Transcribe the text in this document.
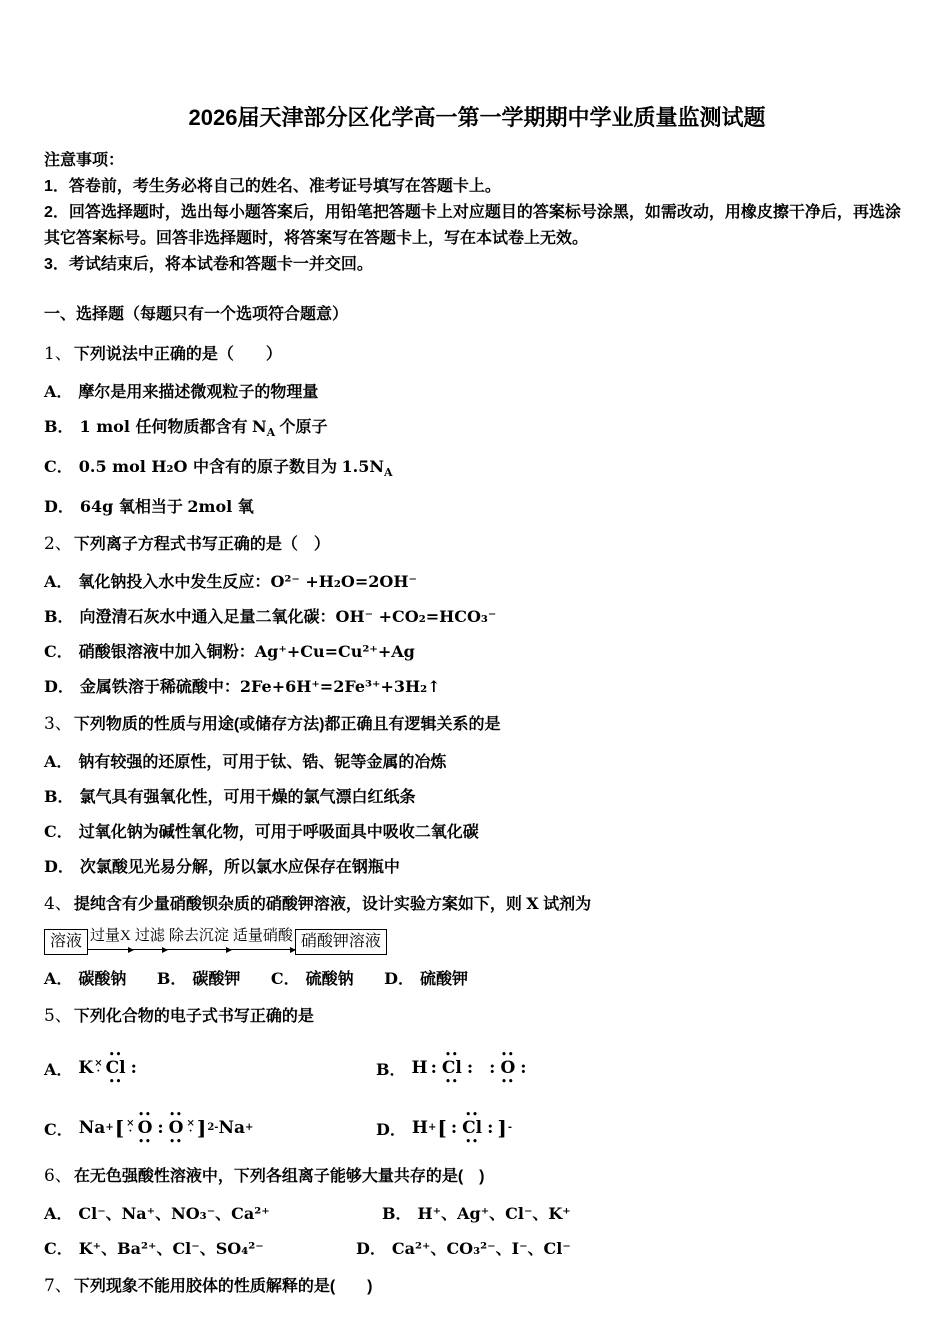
2026届天津部分区化学高一第一学期期中学业质量监测试题

注意事项：

1．答卷前，考生务必将自己的姓名、准考证号填写在答题卡上。

2．回答选择题时，选出每小题答案后，用铅笔把答题卡上对应题目的答案标号涂黑，如需改动，用橡皮擦干净后，再选涂其它答案标号。回答非选择题时，将答案写在答题卡上，写在本试卷上无效。

3．考试结束后，将本试卷和答题卡一并交回。

一、选择题（每题只有一个选项符合题意）
1、 下列说法中正确的是（　　）
A． 摩尔是用来描述微观粒子的物理量
B． 1 mol 任何物质都含有 $N_A$ 个原子
C． 0.5 mol H₂O 中含有的原子数目为 $1.5N_A$
D． 64g 氧相当于 2mol 氧
2、 下列离子方程式书写正确的是（　）
A． 氧化钠投入水中发生反应：O²⁻ +H₂O=2OH⁻
B． 向澄清石灰水中通入足量二氧化碳：OH⁻ +CO₂=HCO₃⁻
C． 硝酸银溶液中加入铜粉：Ag⁺+Cu=Cu²⁺+Ag
D． 金属铁溶于稀硫酸中：2Fe+6H⁺=2Fe³⁺+3H₂↑
3、 下列物质的性质与用途(或储存方法)都正确且有逻辑关系的是
A． 钠有较强的还原性，可用于钛、锆、铌等金属的冶炼
B． 氯气具有强氧化性，可用干燥的氯气漂白红纸条
C． 过氧化钠为碱性氧化物，可用于呼吸面具中吸收二氧化碳
D． 次氯酸见光易分解，所以氯水应保存在钢瓶中
4、 提纯含有少量硝酸钡杂质的硝酸钾溶液，设计实验方案如下，则 X 试剂为
溶液 过量X 过滤 除去沉淀 适量硝酸 硝酸钾溶液
A． 碳酸钠 B． 碳酸钾 C． 硫酸钠 D． 硫酸钾
5、 下列化合物的电子式书写正确的是
A． K ×
·
••
Cl
••
:	B． H :
••
Cl
••
: :
••
O
••
:
C． Na + [ ×
·
••
O
••
:
••
O
••
×
· ] 2- Na +	D． H + [ :
••
Cl
••
: ] -
6、 在无色强酸性溶液中，下列各组离子能够大量共存的是(　)
A． Cl⁻、Na⁺、NO₃⁻、Ca²⁺	B． H⁺、Ag⁺、Cl⁻、K⁺
C． K⁺、Ba²⁺、Cl⁻、SO₄²⁻	D． Ca²⁺、CO₃²⁻、I⁻、Cl⁻
7、 下列现象不能用胶体的性质解释的是(　　)
